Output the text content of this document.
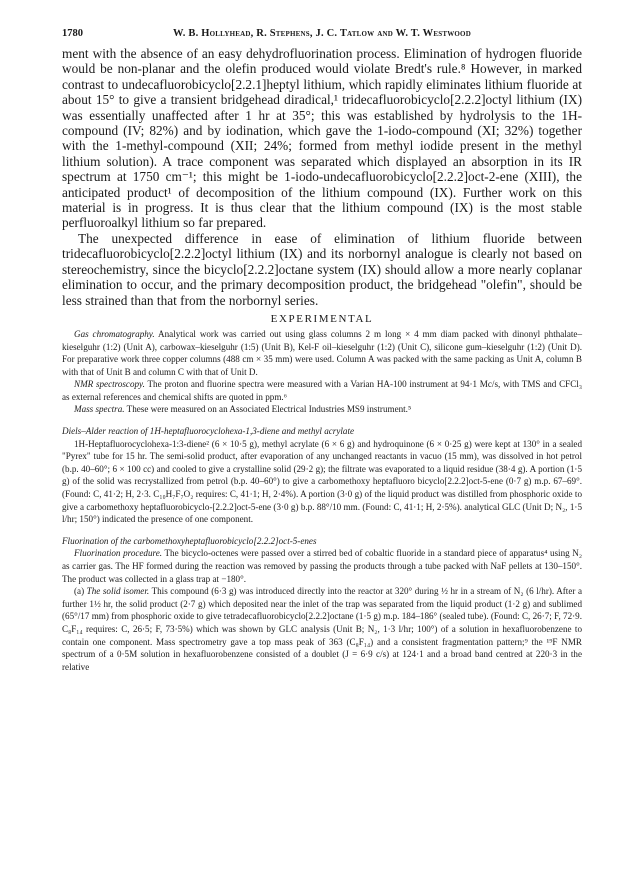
1780	W. B. Hollyhead, R. Stephens, J. C. Tatlow and W. T. Westwood

ment with the absence of an easy dehydrofluorination process. Elimination of hydrogen fluoride would be non-planar and the olefin produced would violate Bredt's rule.⁸ However, in marked contrast to undecafluorobicyclo[2.2.1]heptyl lithium, which rapidly eliminates lithium fluoride at about 15° to give a transient bridgehead diradical,¹ tridecafluorobicyclo[2.2.2]octyl lithium (IX) was essentially unaffected after 1 hr at 35°; this was established by hydrolysis to the 1H-compound (IV; 82%) and by iodination, which gave the 1-iodo-compound (XI; 32%) together with the 1-methyl-compound (XII; 24%; formed from methyl iodide present in the methyl lithium solution). A trace component was separated which displayed an absorption in its IR spectrum at 1750 cm⁻¹; this might be 1-iodo-undecafluorobicyclo[2.2.2]oct-2-ene (XIII), the anticipated product¹ of decomposition of the lithium compound (IX). Further work on this material is in progress. It is thus clear that the lithium compound (IX) is the most stable perfluoroalkyl lithium so far prepared.

The unexpected difference in ease of elimination of lithium fluoride between tridecafluorobicyclo[2.2.2]octyl lithium (IX) and its norbornyl analogue is clearly not based on stereochemistry, since the bicyclo[2.2.2]octane system (IX) should allow a more nearly coplanar elimination to occur, and the primary decomposition product, the bridgehead "olefin", should be less strained than that from the norbornyl series.

EXPERIMENTAL

Gas chromatography. Analytical work was carried out using glass columns 2 m long × 4 mm diam packed with dinonyl phthalate–kieselguhr (1:2) (Unit A), carbowax–kieselguhr (1:5) (Unit B), Kel-F oil–kieselguhr (1:2) (Unit C), silicone gum–kieselguhr (1:2) (Unit D). For preparative work three copper columns (488 cm × 35 mm) were used. Column A was packed with the same packing as Unit A, column B with that of Unit B and column C with that of Unit D.

NMR spectroscopy. The proton and fluorine spectra were measured with a Varian HA-100 instrument at 94·1 Mc/s, with TMS and CFCl₃ as external references and chemical shifts are quoted in ppm.⁶

Mass spectra. These were measured on an Associated Electrical Industries MS9 instrument.⁵

Diels–Alder reaction of 1H-heptafluorocyclohexa-1,3-diene and methyl acrylate

1H-Heptafluorocyclohexa-1:3-diene² (6 × 10·5 g), methyl acrylate (6 × 6 g) and hydroquinone (6 × 0·25 g) were kept at 130° in a sealed "Pyrex" tube for 15 hr. The semi-solid product, after evaporation of any unchanged reactants in vacuo (15 mm), was dissolved in hot petrol (b.p. 40–60°; 6 × 100 cc) and cooled to give a crystalline solid (29·2 g); the filtrate was evaporated to a liquid residue (38·4 g). A portion (1·5 g) of the solid was recrystallized from petrol (b.p. 40–60°) to give a carbomethoxy heptafluoro bicyclo[2.2.2]oct-5-ene (0·7 g) m.p. 67–69°. (Found: C, 41·2; H, 2·3. C₁₀H₇F₇O₂ requires: C, 41·1; H, 2·4%). A portion (3·0 g) of the liquid product was distilled from phosphoric oxide to give a carbomethoxy heptafluorobicyclo-[2.2.2]oct-5-ene (3·0 g) b.p. 88°/10 mm. (Found: C, 41·1; H, 2·5%). analytical GLC (Unit D; N₂, 1·5 l/hr; 150°) indicated the presence of one component.

Fluorination of the carbomethoxyheptafluorobicyclo[2.2.2]oct-5-enes

Fluorination procedure. The bicyclo-octenes were passed over a stirred bed of cobaltic fluoride in a standard piece of apparatus⁴ using N₂ as carrier gas. The HF formed during the reaction was removed by passing the products through a tube packed with NaF pellets at 130–150°. The product was collected in a glass trap at −180°.

(a) The solid isomer. This compound (6·3 g) was introduced directly into the reactor at 320° during ½ hr in a stream of N₂ (6 l/hr). After a further 1½ hr, the solid product (2·7 g) which deposited near the inlet of the trap was separated from the liquid product (1·2 g) and sublimed (65°/17 mm) from phosphoric oxide to give tetradecafluorobicyclo[2.2.2]octane (1·5 g) m.p. 184–186° (sealed tube). (Found: C, 26·7; F, 72·9. C₈F₁₄ requires: C, 26·5; F, 73·5%) which was shown by GLC analysis (Unit B; N₂, 1·3 l/hr; 100°) of a solution in hexafluorobenzene to contain one component. Mass spectrometry gave a top mass peak of 363 (C₈F₁₄) and a consistent fragmentation pattern;⁹ the ¹⁹F NMR spectrum of a 0·5M solution in hexafluorobenzene consisted of a doublet (J = 6·9 c/s) at 124·1 and a broad band centred at 220·3 in the relative
